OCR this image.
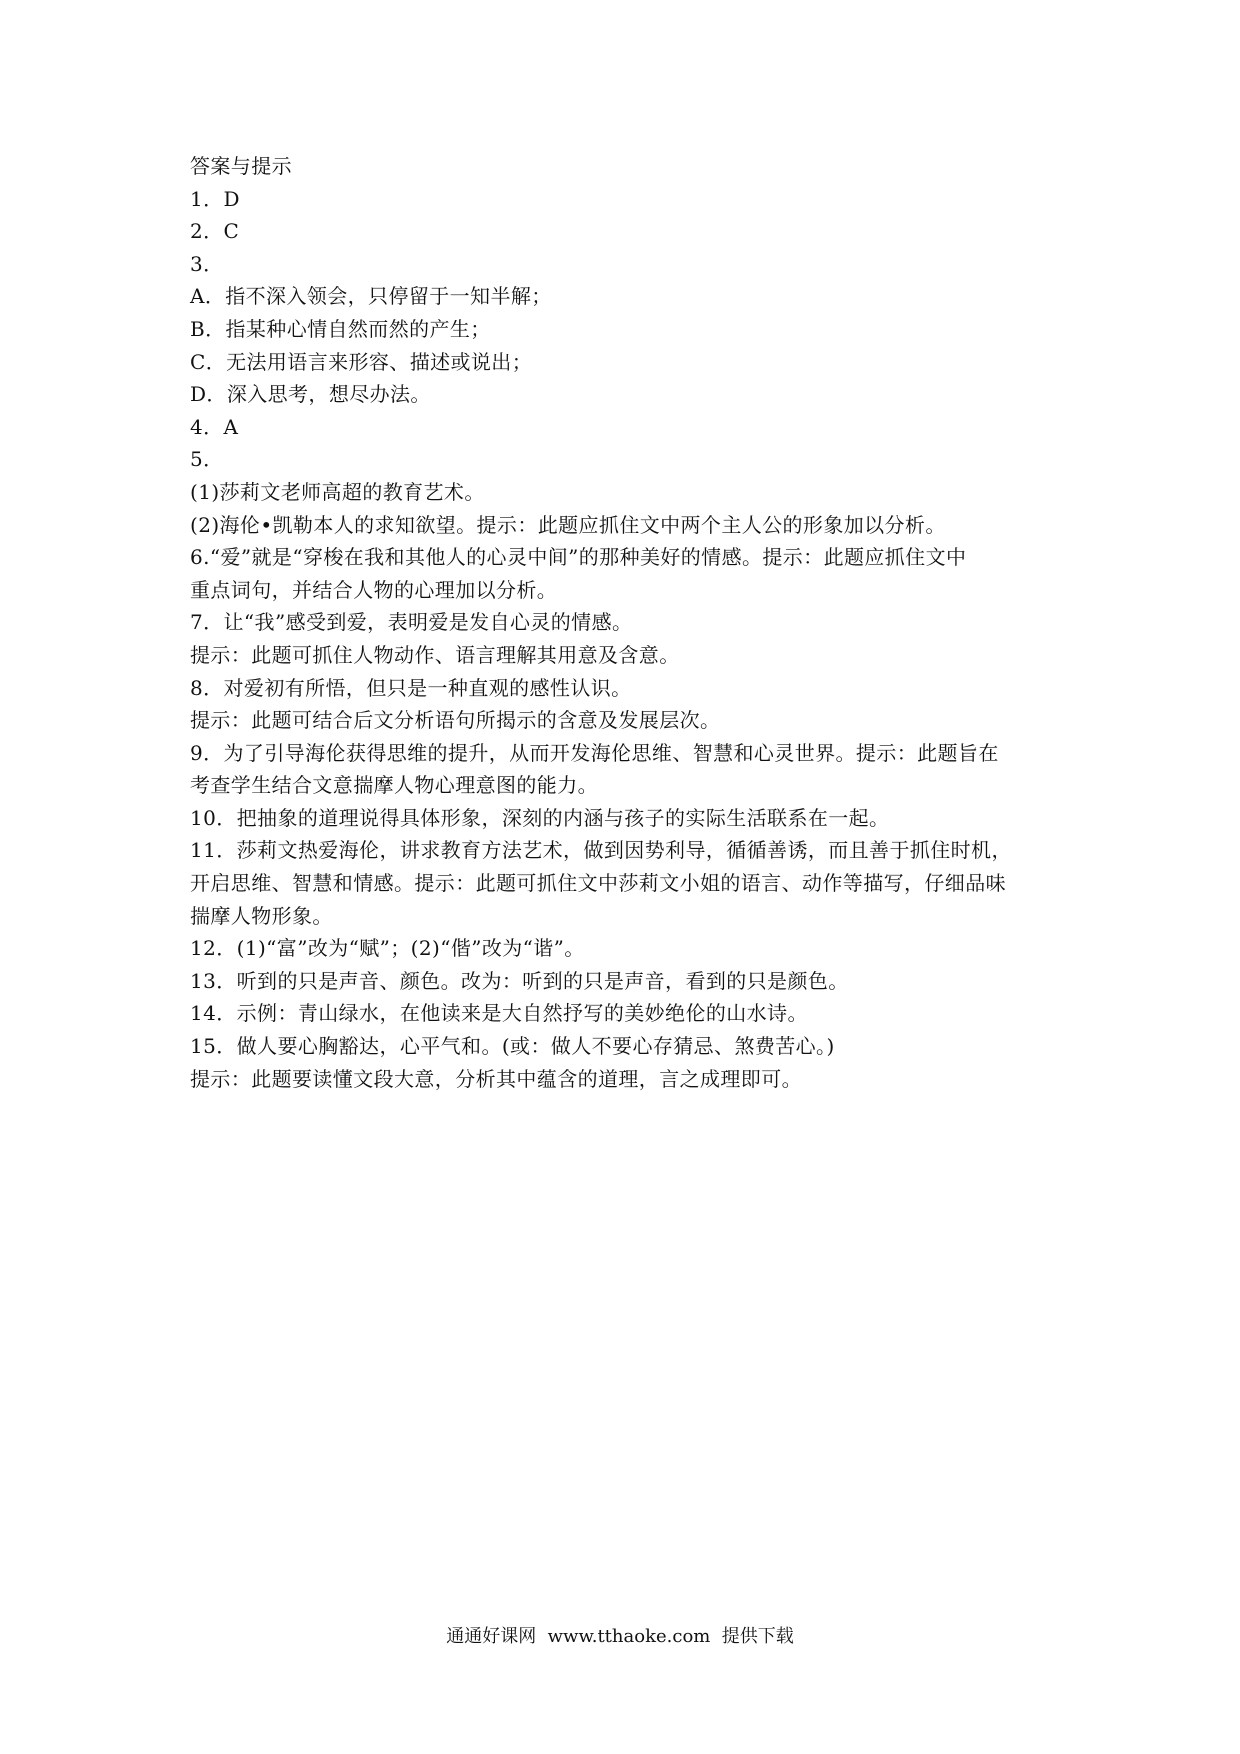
答案与提示
1．D
2．C
3．
A．指不深入领会，只停留于一知半解；
B．指某种心情自然而然的产生；
C．无法用语言来形容、描述或说出；
D．深入思考，想尽办法。
4．A
5．
(1)莎莉文老师高超的教育艺术。
(2)海伦•凯勒本人的求知欲望。提示：此题应抓住文中两个主人公的形象加以分析。
6.“爱”就是“穿梭在我和其他人的心灵中间”的那种美好的情感。提示：此题应抓住文中
重点词句，并结合人物的心理加以分析。
7．让“我”感受到爱，表明爱是发自心灵的情感。
提示：此题可抓住人物动作、语言理解其用意及含意。
8．对爱初有所悟，但只是一种直观的感性认识。
提示：此题可结合后文分析语句所揭示的含意及发展层次。
9．为了引导海伦获得思维的提升，从而开发海伦思维、智慧和心灵世界。提示：此题旨在
考查学生结合文意揣摩人物心理意图的能力。
10．把抽象的道理说得具体形象，深刻的内涵与孩子的实际生活联系在一起。
11．莎莉文热爱海伦，讲求教育方法艺术，做到因势利导，循循善诱，而且善于抓住时机，
开启思维、智慧和情感。提示：此题可抓住文中莎莉文小姐的语言、动作等描写，仔细品味
揣摩人物形象。
12．(1)“富”改为“赋”；(2)“偕”改为“谐”。
13．听到的只是声音、颜色。改为：听到的只是声音，看到的只是颜色。
14．示例：青山绿水，在他读来是大自然抒写的美妙绝伦的山水诗。
15．做人要心胸豁达，心平气和。(或：做人不要心存猜忌、煞费苦心。)
提示：此题要读懂文段大意，分析其中蕴含的道理，言之成理即可。
通通好课网  www.tthaoke.com  提供下载
